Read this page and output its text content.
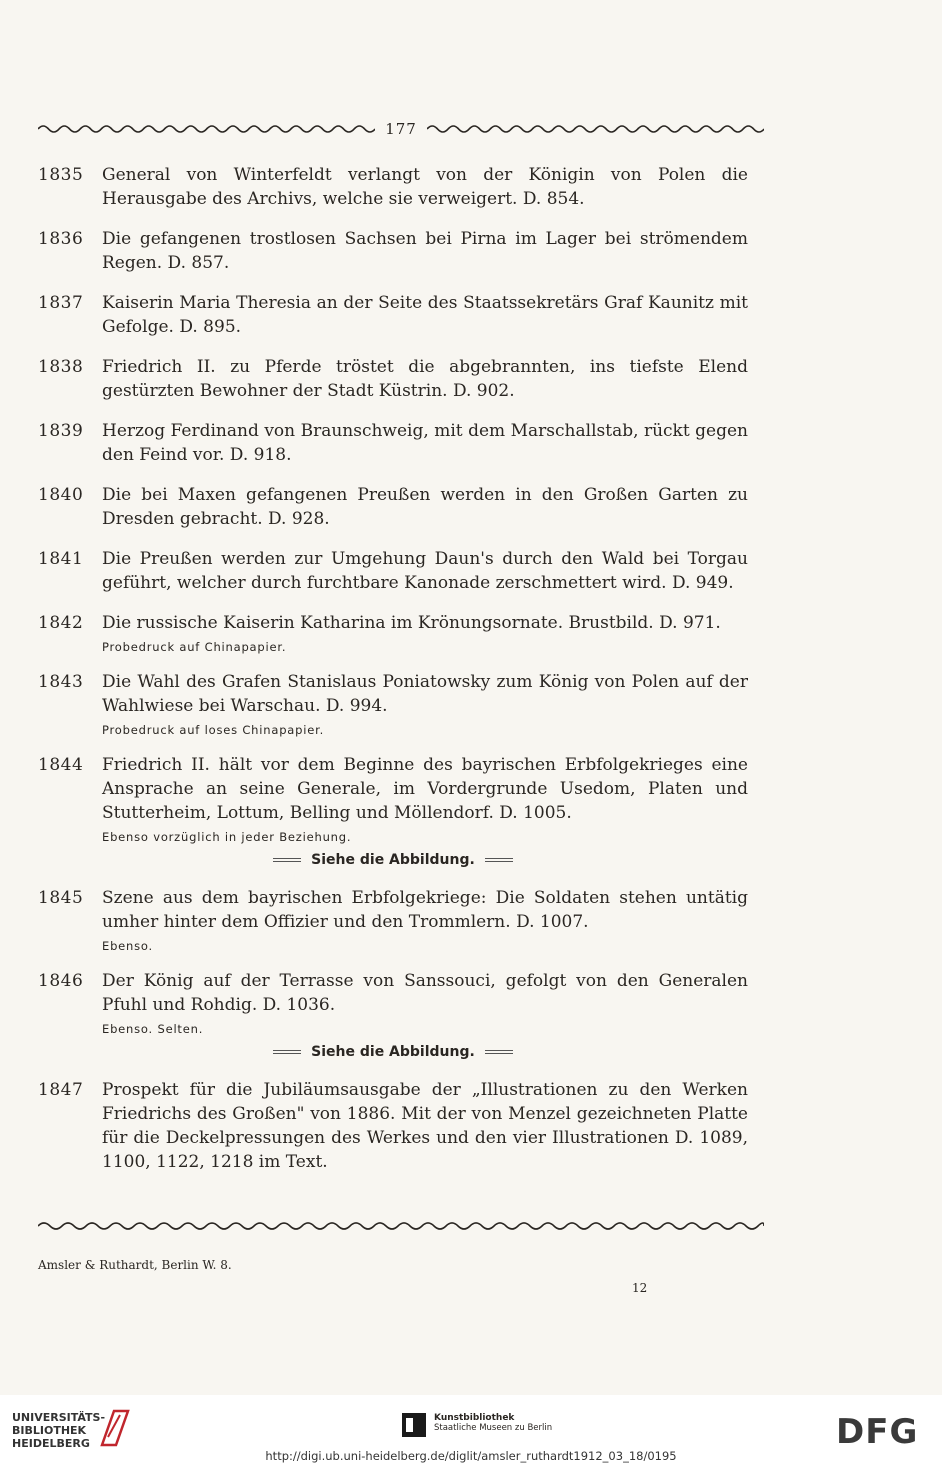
177
1835	General von Winterfeldt verlangt von der Königin von Polen die Herausgabe des Archivs, welche sie verweigert. D. 854.

1836	Die gefangenen trostlosen Sachsen bei Pirna im Lager bei strömendem Regen. D. 857.

1837	Kaiserin Maria Theresia an der Seite des Staatssekretärs Graf Kaunitz mit Gefolge. D. 895.

1838	Friedrich II. zu Pferde tröstet die abgebrannten, ins tiefste Elend gestürzten Bewohner der Stadt Küstrin. D. 902.

1839	Herzog Ferdinand von Braunschweig, mit dem Marschallstab, rückt gegen den Feind vor. D. 918.

1840	Die bei Maxen gefangenen Preußen werden in den Großen Garten zu Dresden gebracht. D. 928.

1841	Die Preußen werden zur Umgehung Daun's durch den Wald bei Torgau geführt, welcher durch furchtbare Kanonade zerschmettert wird. D. 949.

1842	Die russische Kaiserin Katharina im Krönungsornate. Brustbild. D. 971.

Probedruck auf Chinapapier.

1843	Die Wahl des Grafen Stanislaus Poniatowsky zum König von Polen auf der Wahlwiese bei Warschau. D. 994.

Probedruck auf loses Chinapapier.

1844	Friedrich II. hält vor dem Beginne des bayrischen Erbfolgekrieges eine Ansprache an seine Generale, im Vordergrunde Usedom, Platen und Stutterheim, Lottum, Belling und Möllendorf. D. 1005.

Ebenso vorzüglich in jeder Beziehung.

Siehe die Abbildung.
1845	Szene aus dem bayrischen Erbfolgekriege: Die Soldaten stehen untätig umher hinter dem Offizier und den Trommlern. D. 1007.

Ebenso.

1846	Der König auf der Terrasse von Sanssouci, gefolgt von den Generalen Pfuhl und Rohdig. D. 1036.

Ebenso. Selten.

Siehe die Abbildung.
1847	Prospekt für die Jubiläumsausgabe der „Illustrationen zu den Werken Friedrichs des Großen" von 1886. Mit der von Menzel gezeichneten Platte für die Deckelpressungen des Werkes und den vier Illustrationen D. 1089, 1100, 1122, 1218 im Text.

Amsler & Ruthardt, Berlin W. 8.
12
UNIVERSITÄTS-
BIBLIOTHEK
HEIDELBERG
Kunstbibliothek
Staatliche Museen zu Berlin	DFG
http://digi.ub.uni-heidelberg.de/diglit/amsler_ruthardt1912_03_18/0195
